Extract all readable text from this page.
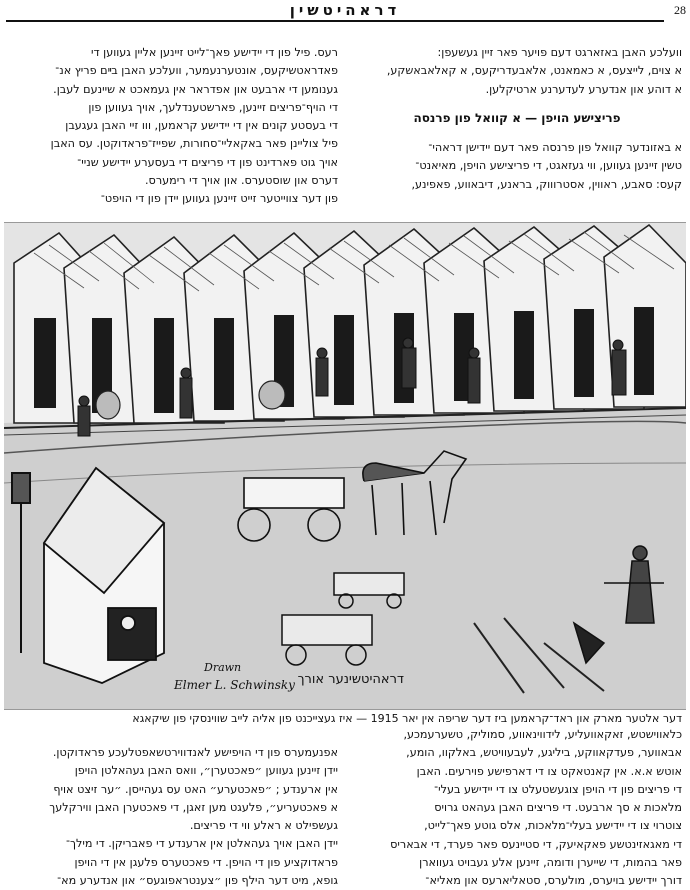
דראהיטשין	28
וועלכע האבן באזארגט דעם פויער פאר זיין געשעפן:
א צוים, לייצעס, א כאמאנט, אלאבעדריקעס, א קאלאבאשקע,
א דוהע און אנדערע לעדערנע ארטיקלען.
פריצישע הויפן — א קוואל פון פרנסה
א באזונדער קוואל פון פרנסה פאר דעם יידישן דראהי־
טשין זיינען געווען, ווי געזאגט, די פריצישע הויפן, מאיאנט־
קעס: סאבע, ראווין, אסטרוווק, בראנע, דיבאווע, פאפינע,
רעס. פיל פון די יידישע פאך־לייט זיינען אליין געווען די
פאדראטשיקעס, אונטערנעמער, וועלכע האבן בײם פריץ אנ־
גענומען די ארבעט און אפדראר אין געמאכט א שיינעם לעבן.
די הויף־פריצים זיינען, פארשטענדלעך, אויך געווען פון
די בעסטע קונים אין די יידישע קראמען, ווו זיי האבן געגעבן
פיל צוליינן פאר באקאליי־סחורות, שפייז־פראדוקטן. עס האבן
אויך גוט פארדינט פון די פריצים די בעסערע יידישע שניי־
דערס און שוסטערס. און אויך די רימערס.
פון דער צווייטער זייט זיינען געווען יידן פון די הויפט־
Drawn
Elmer L. Schwinsky דראהיטשינער אורך
דער אלטער מארק און ראד־קראמען ביז דער שריפה אין יאר 1915 — איז געצייכנט פון אליה לייב שווינסקי פון שיקאגא
כלאווישטש, זאקאוועליע, לידווינאווע, סמוליק, טשערעמכע,
אבאווער, פעדקאווקע, ביליגע, לעבעוויטש, באלקוו, הומע,
אוטש א.א. אין קאנטאקט צו די דארפישע פוירעים. האבן
די פריצים פון די הויפן צוגעשטעלט צו די יידישע בעלי־
מלאכות א סך ארבעט. די פריצים האבן געהאט גרויס
צוטרוי צו די יידישע בעלי־מלאכות, אלס גוטע פאך־לייט,
די מאגאזינטשע פאקאיעק, די סטיינעס פאר פערד, די אבאריס
פאר בהמות, די שייערן ודומה, זיינען אלע געבויט געווארן
דורך יידישע בויערס, מולערס, סטאליארעס און מאליא־
אפנעמערס פון די הויפישע לאנדווירטשאפטלעכע פראדוקטן.
יידן זיינען געווען ״פאכטערן״, וואס האבן געהאלטן הויפן
אין ארענדע ; ״פאכטערע״ האט עס געהייסן. ״ער זיצט אויף
א פאכטעריע״, פלעגט מען זאגן, די פאכטערן האבן ווירקלעך
געשפילט א ראלע ווי די פריצים.
יידן האבן אויך געהאלטן אין ארענדע די פאבריקן. די מילך־
פראדוקציע פון די הויפן. די פאכטערס פלעגן אין די הויפן
גופא, מיט דער הילף פון ״צענטראפוגעס״ און אנדערע מא־
